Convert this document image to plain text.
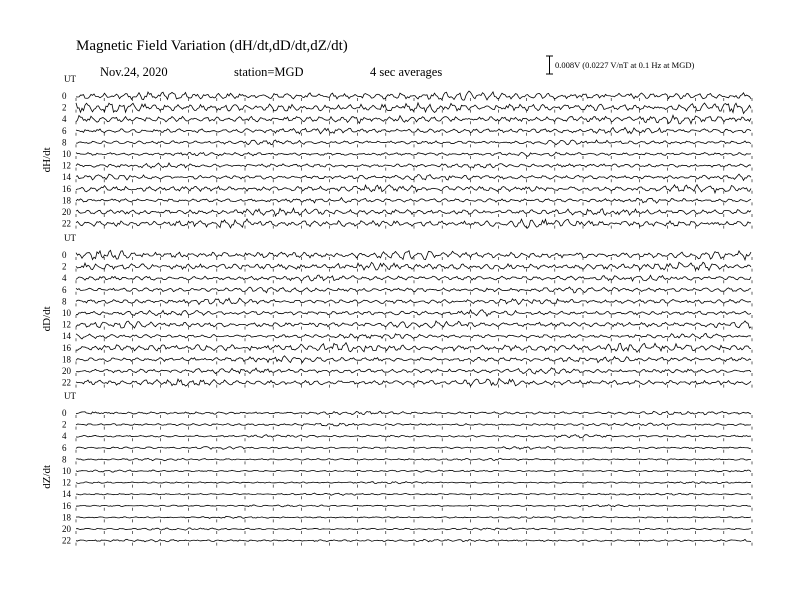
Magnetic Field Variation (dH/dt,dD/dt,dZ/dt)
Nov.24, 2020	station=MGD	4 sec averages	0.008V (0.0227 V/nT at 0.1 Hz at MGD)
UT
dH/dt
0
2
4
6
8
10
12
14
16
18
20
22
UT
dD/dt
0
2
4
6
8
10
12
14
16
18
20
22
UT
dZ/dt
0
2
4
6
8
10
12
14
16
18
20
22
